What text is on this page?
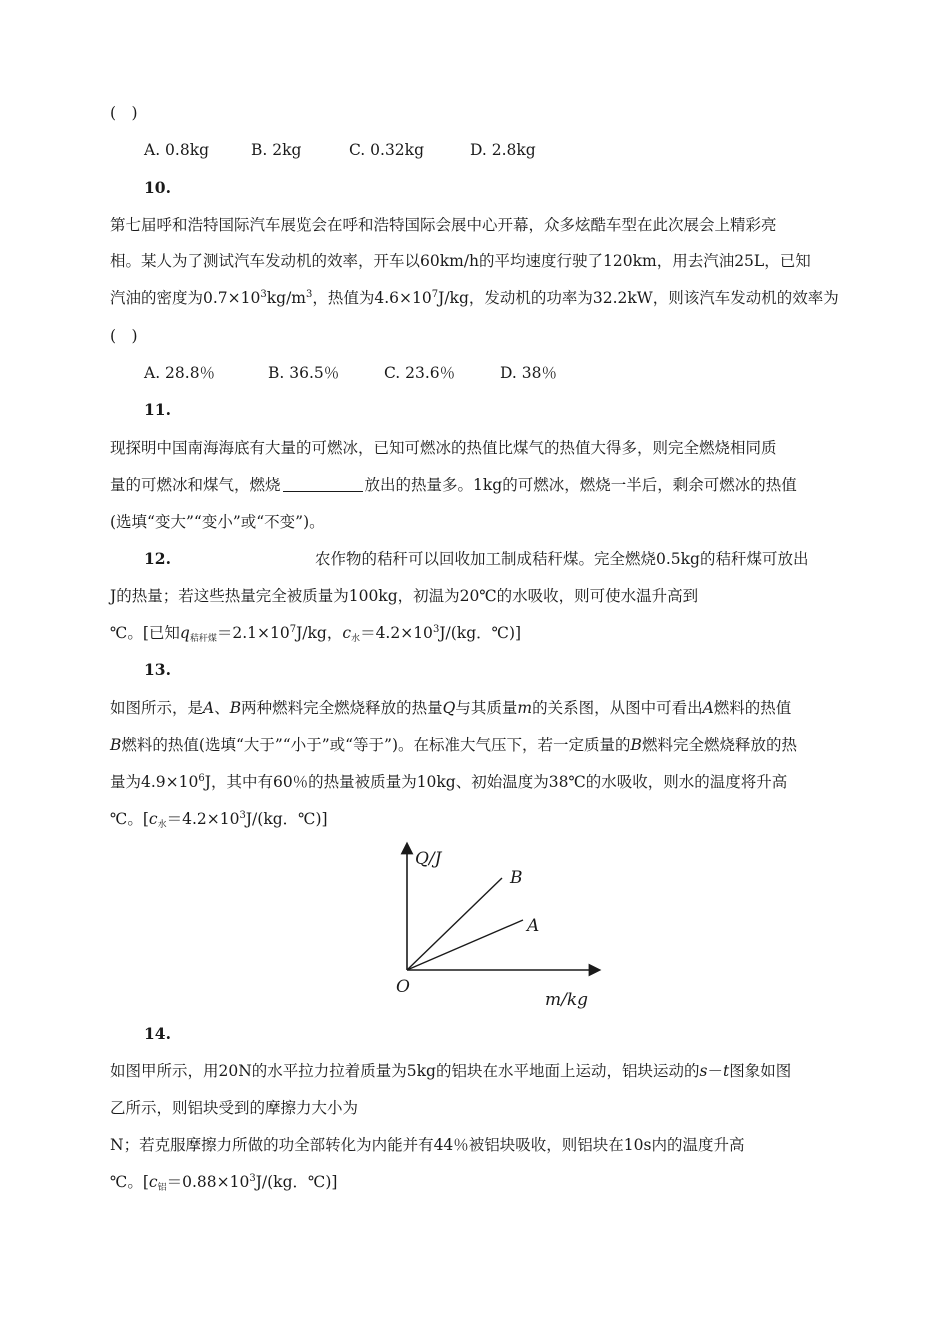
(　)
A. 0.8kg	B. 2kg	C. 0.32kg	D. 2.8kg
10.
第七届呼和浩特国际汽车展览会在呼和浩特国际会展中心开幕，众多炫酷车型在此次展会上精彩亮
相。某人为了测试汽车发动机的效率，开车以60km/h的平均速度行驶了120km，用去汽油25L，已知
汽油的密度为$0.7\times 10^3kg/m^3$，热值为$4.6\times 10^7J/kg$，发动机的功率为32.2kW，则该汽车发动机的效率为
(　)
A. 28.8％	B. 36.5％	C. 23.6％	D. 38％
11.
现探明中国南海海底有大量的可燃冰，已知可燃冰的热值比煤气的热值大得多，则完全燃烧相同质
量的可燃冰和煤气，燃烧	放出的热量多。1kg的可燃冰，燃烧一半后，剩余可燃冰的热值
(选填“变大”“变小”或“不变”)。
12.	农作物的秸秆可以回收加工制成秸秆煤。完全燃烧0.5kg的秸秆煤可放出
J的热量；若这些热量完全被质量为100kg，初温为20℃的水吸收，则可使水温升高到
℃。[已知$q_{秸秆煤}=2.1\times 10^7J/kg$，$c_水=4.2\times 10^3J/(kg$．℃)]
13.
如图所示，是A、B两种燃料完全燃烧释放的热量Q与其质量m的关系图，从图中可看出A燃料的热值
B燃料的热值(选填“大于”“小于”或“等于”)。在标准大气压下，若一定质量的B燃料完全燃烧释放的热
量为$4.9\times 10^6J$，其中有60％的热量被质量为10kg、初始温度为38℃的水吸收，则水的温度将升高
℃。[$c_水=4.2\times 10^3J/(kg$．℃)]
Q/J
m/kg
O
B
A
14.
如图甲所示，用20N的水平拉力拉着质量为5kg的铝块在水平地面上运动，铝块运动的s－t图象如图
乙所示，则铝块受到的摩擦力大小为
N；若克服摩擦力所做的功全部转化为内能并有44％被铝块吸收，则铝块在10s内的温度升高
℃。[$c_铝=0.88\times 10^3J/(kg$．℃)]
